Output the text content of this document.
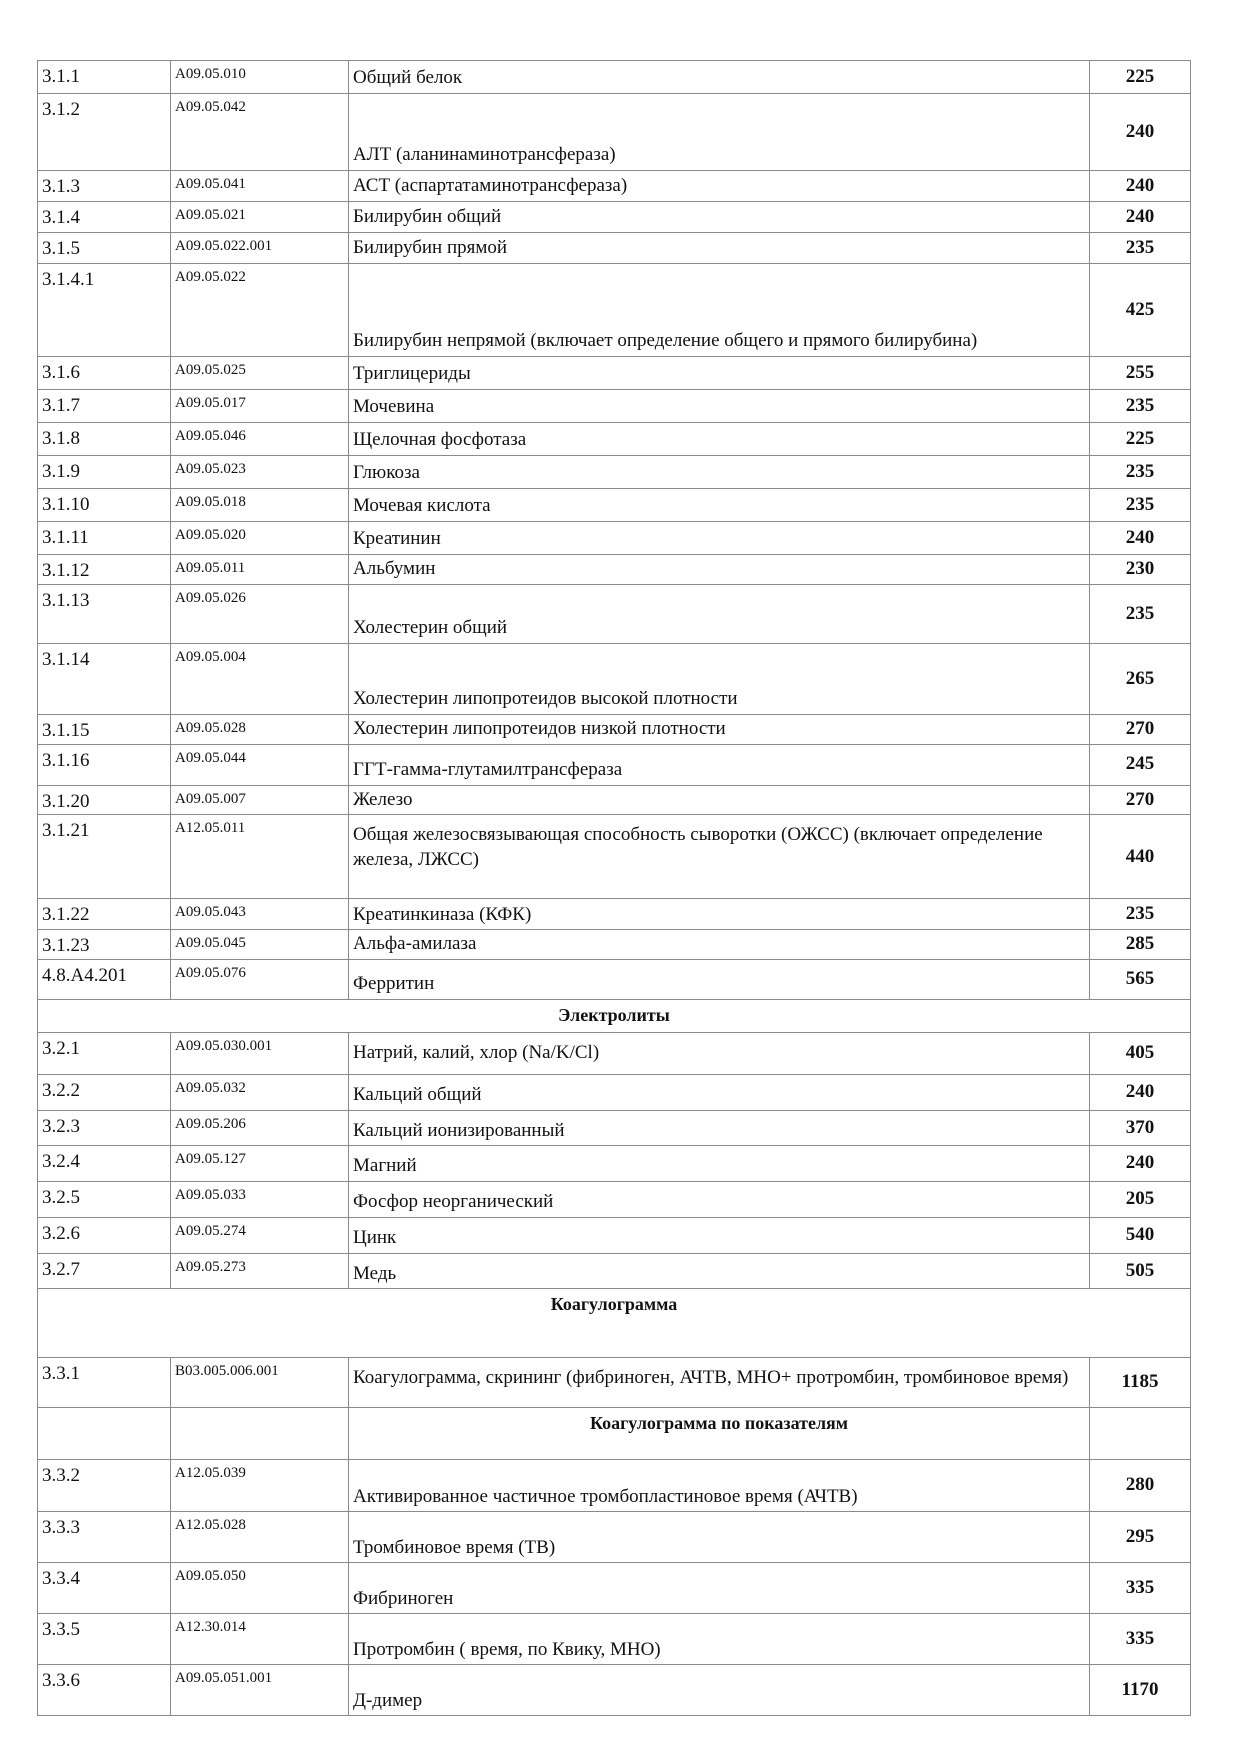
3.1.1	A09.05.010	Общий белок	225
3.1.2	A09.05.042	АЛТ (аланинаминотрансфераза)	240
3.1.3	A09.05.041	АСТ (аспартатаминотрансфераза)	240
3.1.4	A09.05.021	Билирубин общий	240
3.1.5	A09.05.022.001	Билирубин прямой	235
3.1.4.1	A09.05.022	Билирубин непрямой (включает определение общего и прямого билирубина)	425
3.1.6	A09.05.025	Триглицериды	255
3.1.7	A09.05.017	Мочевина	235
3.1.8	A09.05.046	Щелочная фосфотаза	225
3.1.9	A09.05.023	Глюкоза	235
3.1.10	A09.05.018	Мочевая кислота	235
3.1.11	A09.05.020	Креатинин	240
3.1.12	A09.05.011	Альбумин	230
3.1.13	A09.05.026	Холестерин общий	235
3.1.14	A09.05.004	Холестерин липопротеидов высокой плотности	265
3.1.15	A09.05.028	Холестерин липопротеидов низкой плотности	270
3.1.16	A09.05.044	ГГТ-гамма-глутамилтрансфераза	245
3.1.20	A09.05.007	Железо	270
3.1.21	A12.05.011	Общая железосвязывающая способность сыворотки (ОЖСС) (включает определение железа, ЛЖСС)	440
3.1.22	A09.05.043	Креатинкиназа (КФК)	235
3.1.23	A09.05.045	Альфа-амилаза	285
4.8.A4.201	A09.05.076	Ферритин	565
Электролиты			
3.2.1	A09.05.030.001	Натрий, калий, хлор (Na/K/Cl)	405
3.2.2	A09.05.032	Кальций общий	240
3.2.3	A09.05.206	Кальций ионизированный	370
3.2.4	A09.05.127	Магний	240
3.2.5	A09.05.033	Фосфор неорганический	205
3.2.6	A09.05.274	Цинк	540
3.2.7	A09.05.273	Медь	505
Коагулограмма			
3.3.1	B03.005.006.001	Коагулограмма, скрининг (фибриноген, АЧТВ, МНО+ протромбин, тромбиновое время)	1185
		Коагулограмма по показателям	
3.3.2	A12.05.039	Активированное частичное тромбопластиновое время (АЧТВ)	280
3.3.3	A12.05.028	Тромбиновое время (ТВ)	295
3.3.4	A09.05.050	Фибриноген	335
3.3.5	A12.30.014	Протромбин ( время, по Квику, МНО)	335
3.3.6	A09.05.051.001	Д-димер	1170
